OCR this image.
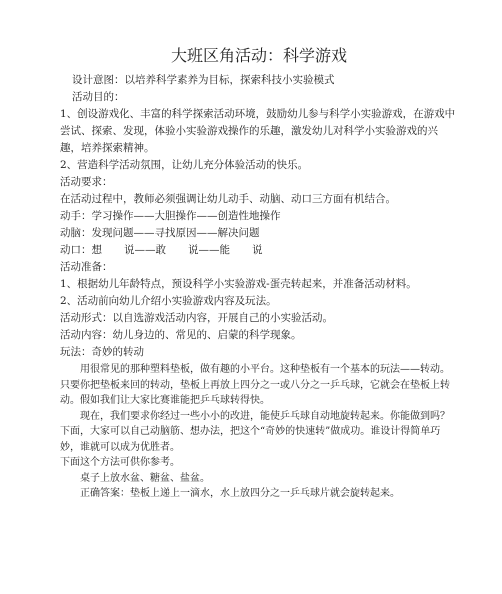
大班区角活动：科学游戏

设计意图：以培养科学素养为目标，探索科技小实验模式

活动目的：

1、创设游戏化、丰富的科学探索活动环境，鼓励幼儿参与科学小实验游戏，在游戏中尝试、探索、发现，体验小实验游戏操作的乐趣，激发幼儿对科学小实验游戏的兴趣，培养探索精神。

2、营造科学活动氛围，让幼儿充分体验活动的快乐。

活动要求：

在活动过程中，教师必须强调让幼儿动手、动脑、动口三方面有机结合。

动手：学习操作——大胆操作——创造性地操作

动脑：发现问题——寻找原因——解决问题

动口：想 说——敢 说——能 说

活动准备：

1、根据幼儿年龄特点，预设科学小实验游戏-蛋壳转起来，并准备活动材料。

2、活动前向幼儿介绍小实验游戏内容及玩法。

活动形式：以自选游戏活动内容，开展自己的小实验活动。

活动内容：幼儿身边的、常见的、启蒙的科学现象。

玩法：奇妙的转动

用很常见的那种塑料垫板，做有趣的小平台。这种垫板有一个基本的玩法——转动。只要你把垫板来回的转动，垫板上再放上四分之一或八分之一乒乓球，它就会在垫板上转动。假如我们让大家比赛谁能把乒乓球转得快。

现在，我们要求你经过一些小小的改进，能使乒乓球自动地旋转起来。你能做到吗？下面，大家可以自己动脑筋、想办法，把这个“奇妙的快速转”做成功。谁设计得简单巧妙，谁就可以成为优胜者。

下面这个方法可供你参考。

桌子上放水盆、糖盆、盐盆。

正确答案：垫板上递上一滴水，水上放四分之一乒乓球片就会旋转起来。
